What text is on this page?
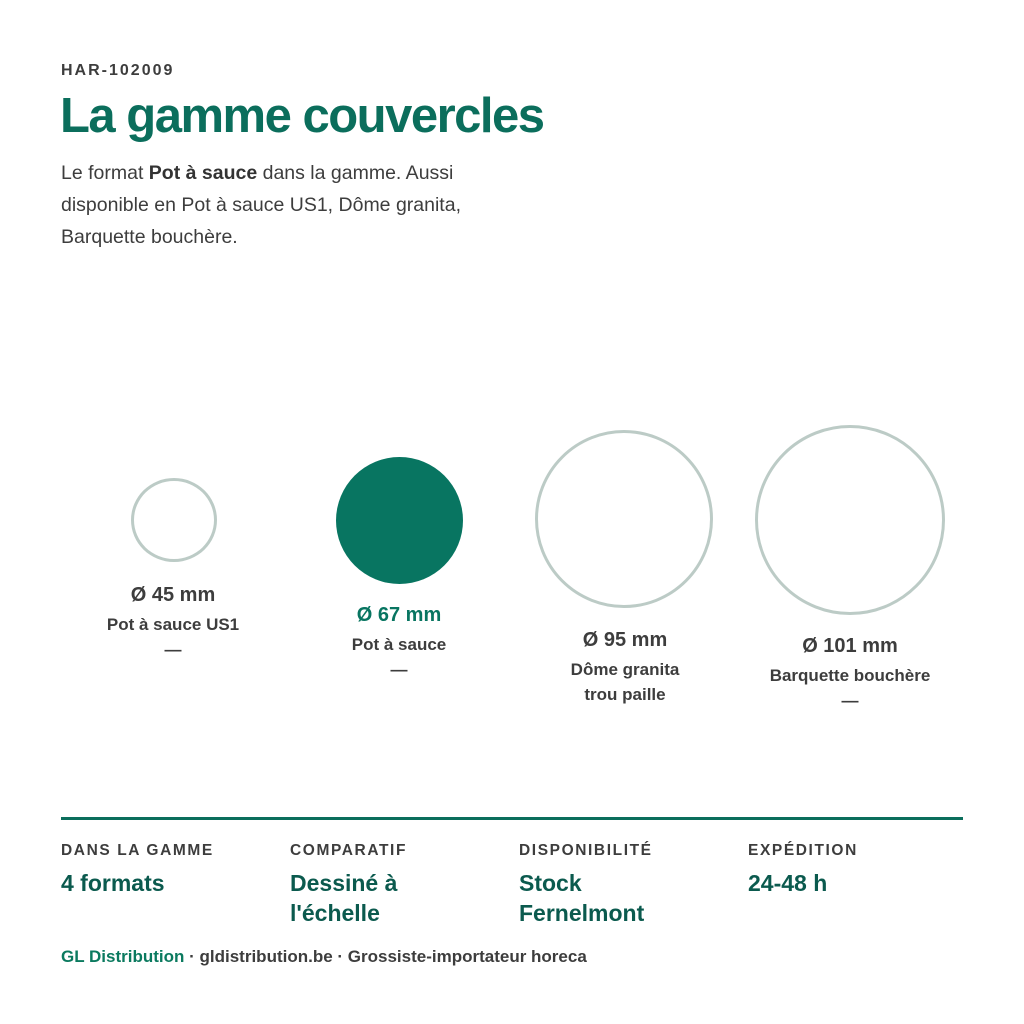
HAR-102009
La gamme couvercles
Le format Pot à sauce dans la gamme. Aussi disponible en Pot à sauce US1, Dôme granita, Barquette bouchère.
Ø 45 mm
Pot à sauce US1
—
Ø 67 mm
Pot à sauce
—
Ø 95 mm
Dôme granita
trou paille
Ø 101 mm
Barquette bouchère
—
DANS LA GAMME
4 formats
COMPARATIF
Dessiné à l'échelle
DISPONIBILITÉ
Stock Fernelmont
EXPÉDITION
24-48 h
GL Distribution · gldistribution.be · Grossiste-importateur horeca
